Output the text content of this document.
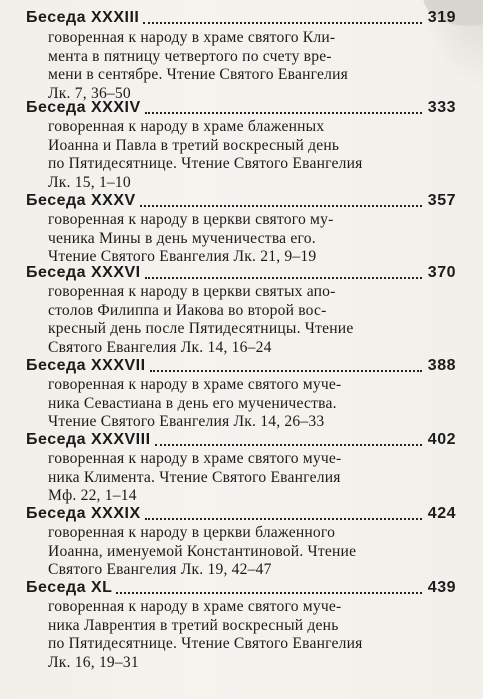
Беседа XXXIII	319
говоренная к народу в храме святого Кли-
мента в пятницу четвертого по счету вре-
мени в сентябре. Чтение Святого Евангелия
Лк. 7, 36–50
Беседа XXXIV	333
говоренная к народу в храме блаженных
Иоанна и Павла в третий воскресный день
по Пятидесятнице. Чтение Святого Евангелия
Лк. 15, 1–10
Беседа XXXV	357
говоренная к народу в церкви святого му-
ченика Мины в день мученичества его.
Чтение Святого Евангелия Лк. 21, 9–19
Беседа XXXVI	370
говоренная к народу в церкви святых апо-
столов Филиппа и Иакова во второй вос-
кресный день после Пятидесятницы. Чтение
Святого Евангелия Лк. 14, 16–24
Беседа XXXVII	388
говоренная к народу в храме святого муче-
ника Севастиана в день его мученичества.
Чтение Святого Евангелия Лк. 14, 26–33
Беседа XXXVIII	402
говоренная к народу в храме святого муче-
ника Климента. Чтение Святого Евангелия
Мф. 22, 1–14
Беседа XXXIX	424
говоренная к народу в церкви блаженного
Иоанна, именуемой Константиновой. Чтение
Святого Евангелия Лк. 19, 42–47
Беседа XL	439
говоренная к народу в храме святого муче-
ника Лаврентия в третий воскресный день
по Пятидесятнице. Чтение Святого Евангелия
Лк. 16, 19–31
